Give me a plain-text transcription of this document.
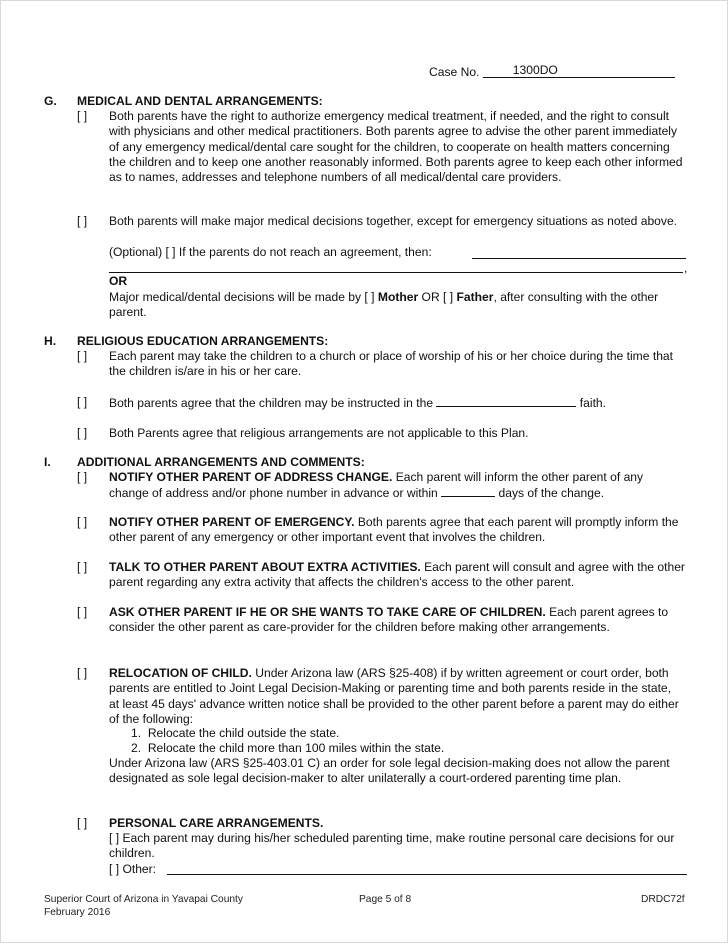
Case No.	1300DO
G. MEDICAL AND DENTAL ARRANGEMENTS:
[ ] Both parents have the right to authorize emergency medical treatment, if needed, and the right to consult with physicians and other medical practitioners. Both parents agree to advise the other parent immediately of any emergency medical/dental care sought for the children, to cooperate on health matters concerning the children and to keep one another reasonably informed. Both parents agree to keep each other informed as to names, addresses and telephone numbers of all medical/dental care providers.
[ ] Both parents will make major medical decisions together, except for emergency situations as noted above.
(Optional) [ ] If the parents do not reach an agreement, then:
,
OR
Major medical/dental decisions will be made by [ ] Mother OR [ ] Father, after consulting with the other parent.
H. RELIGIOUS EDUCATION ARRANGEMENTS:
[ ] Each parent may take the children to a church or place of worship of his or her choice during the time that the children is/are in his or her care.
[ ] Both parents agree that the children may be instructed in the	faith.
[ ] Both Parents agree that religious arrangements are not applicable to this Plan.
I. ADDITIONAL ARRANGEMENTS AND COMMENTS:
[ ] NOTIFY OTHER PARENT OF ADDRESS CHANGE. Each parent will inform the other parent of any change of address and/or phone number in advance or within	days of the change.
[ ] NOTIFY OTHER PARENT OF EMERGENCY. Both parents agree that each parent will promptly inform the other parent of any emergency or other important event that involves the children.
[ ] TALK TO OTHER PARENT ABOUT EXTRA ACTIVITIES. Each parent will consult and agree with the other parent regarding any extra activity that affects the children's access to the other parent.
[ ] ASK OTHER PARENT IF HE OR SHE WANTS TO TAKE CARE OF CHILDREN. Each parent agrees to consider the other parent as care-provider for the children before making other arrangements.
[ ] RELOCATION OF CHILD. Under Arizona law (ARS §25-408) if by written agreement or court order, both parents are entitled to Joint Legal Decision-Making or parenting time and both parents reside in the state, at least 45 days' advance written notice shall be provided to the other parent before a parent may do either of the following:
1.  Relocate the child outside the state.
2.  Relocate the child more than 100 miles within the state.
Under Arizona law (ARS §25-403.01 C) an order for sole legal decision-making does not allow the parent designated as sole legal decision-maker to alter unilaterally a court-ordered parenting time plan.
[ ] PERSONAL CARE ARRANGEMENTS.
[ ] Each parent may during his/her scheduled parenting time, make routine personal care decisions for our children.
[ ] Other:
Superior Court of Arizona in Yavapai County
February 2016
Page 5 of 8	DRDC72f
